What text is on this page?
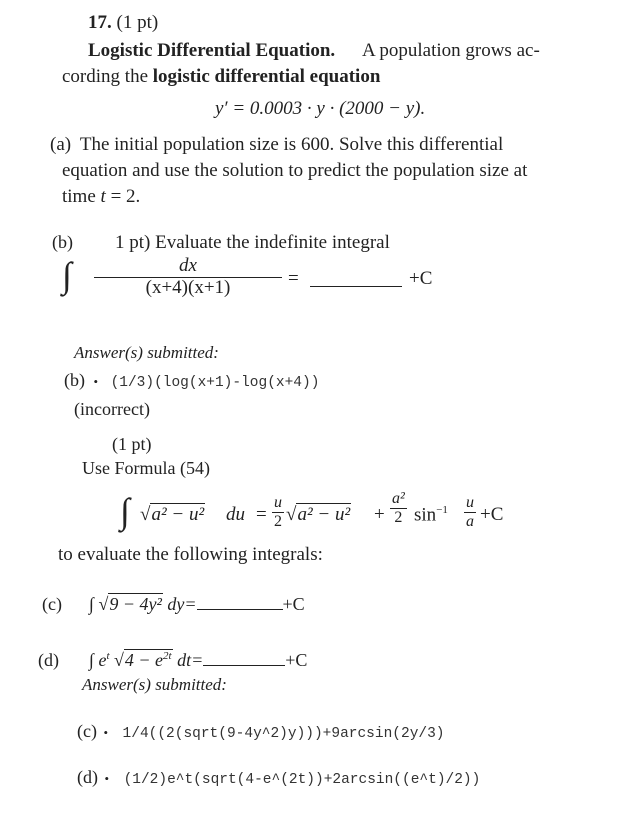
17. (1 pt)
Logistic Differential Equation. A population grows ac-
cording the logistic differential equation
y′ = 0.0003 · y · (2000 − y).
(a) The initial population size is 600. Solve this differential
equation and use the solution to predict the population size at
time t = 2.
(b) 1 pt) Evaluate the indefinite integral
∫ $\frac{dx}{(x+4)(x+1)}$ =	+C
Answer(s) submitted:
(b) • (1/3)(log(x+1)-log(x+4))
(incorrect)
(1 pt)
Use Formula (54)
∫ √a² − u² du = $\frac{u}{2} √a^2 - u^2 + \frac{\text{a²}}{2} \sin^{-1} \frac{u}{a} +C$
to evaluate the following integrals:
(c) ∫ √9 − 4y² dy=	+C
(d) ∫ $e^t$ $√4 - e^{2t}$ dt=	+C
Answer(s) submitted:
(c) • 1/4((2(sqrt(9-4y^2)y)))+9arcsin(2y/3)
(d) • (1/2)e^t(sqrt(4-e^(2t))+2arcsin((e^t)/2))
